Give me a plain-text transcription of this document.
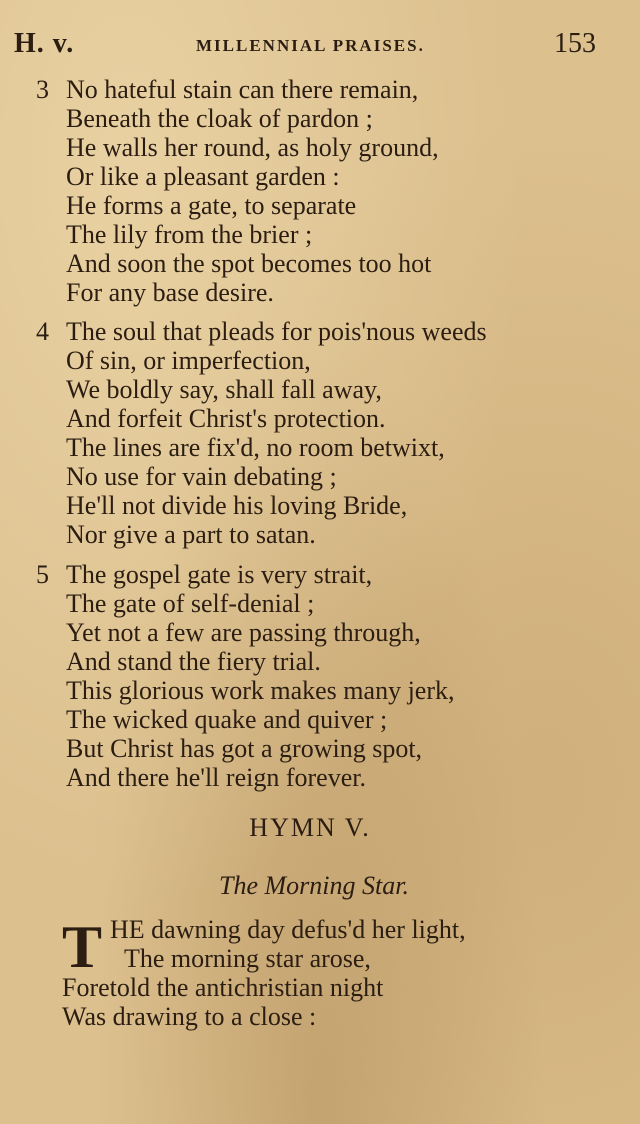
H. v.	MILLENNIAL PRAISES.	153
3 No hateful stain can there remain,
Beneath the cloak of pardon ;
He walls her round, as holy ground,
Or like a pleasant garden :
He forms a gate, to separate
The lily from the brier ;
And soon the spot becomes too hot
For any base desire.
4 The soul that pleads for pois'nous weeds
Of sin, or imperfection,
We boldly say, shall fall away,
And forfeit Christ's protection.
The lines are fix'd, no room betwixt,
No use for vain debating ;
He'll not divide his loving Bride,
Nor give a part to satan.
5 The gospel gate is very strait,
The gate of self-denial ;
Yet not a few are passing through,
And stand the fiery trial.
This glorious work makes many jerk,
The wicked quake and quiver ;
But Christ has got a growing spot,
And there he'll reign forever.
HYMN V.
The Morning Star.
T HE dawning day defus'd her light,
The morning star arose,
Foretold the antichristian night
Was drawing to a close :
